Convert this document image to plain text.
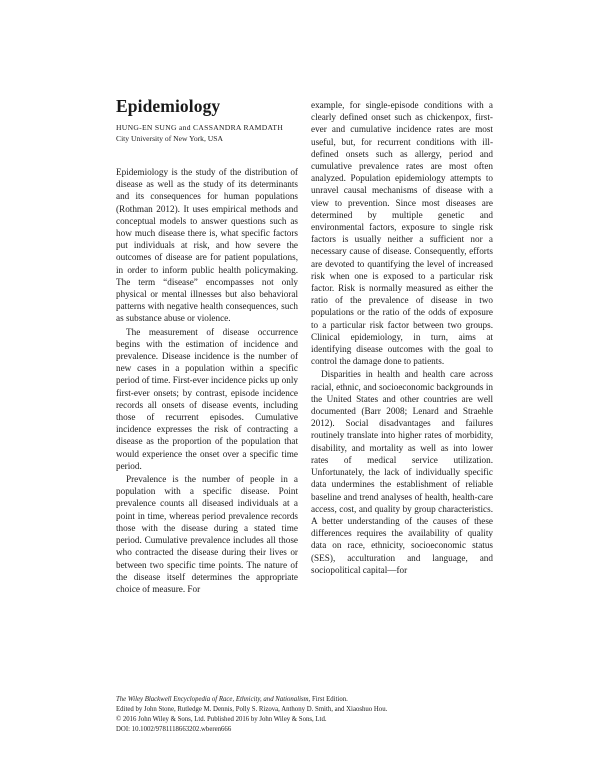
Epidemiology
HUNG-EN SUNG and CASSANDRA RAMDATH
City University of New York, USA

Epidemiology is the study of the distribution of disease as well as the study of its determinants and its consequences for human populations (Rothman 2012). It uses empirical methods and conceptual models to answer questions such as how much disease there is, what specific factors put individuals at risk, and how severe the outcomes of disease are for patient populations, in order to inform public health policymaking. The term “disease” encompasses not only physical or mental illnesses but also behavioral patterns with negative health consequences, such as substance abuse or violence.

The measurement of disease occurrence begins with the estimation of incidence and prevalence. Disease incidence is the number of new cases in a population within a specific period of time. First-ever incidence picks up only first-ever onsets; by contrast, episode incidence records all onsets of disease events, including those of recurrent episodes. Cumulative incidence expresses the risk of contracting a disease as the proportion of the population that would experience the onset over a specific time period.

Prevalence is the number of people in a population with a specific disease. Point prevalence counts all diseased individuals at a point in time, whereas period prevalence records those with the disease during a stated time period. Cumulative prevalence includes all those who contracted the disease during their lives or between two specific time points. The nature of the disease itself determines the appropriate choice of measure. For

example, for single-episode conditions with a clearly defined onset such as chickenpox, first-ever and cumulative incidence rates are most useful, but, for recurrent conditions with ill-defined onsets such as allergy, period and cumulative prevalence rates are most often analyzed. Population epidemiology attempts to unravel causal mechanisms of disease with a view to prevention. Since most diseases are determined by multiple genetic and environmental factors, exposure to single risk factors is usually neither a sufficient nor a necessary cause of disease. Consequently, efforts are devoted to quantifying the level of increased risk when one is exposed to a particular risk factor. Risk is normally measured as either the ratio of the prevalence of disease in two populations or the ratio of the odds of exposure to a particular risk factor between two groups. Clinical epidemiology, in turn, aims at identifying disease outcomes with the goal to control the damage done to patients.

Disparities in health and health care across racial, ethnic, and socioeconomic backgrounds in the United States and other countries are well documented (Barr 2008; Lenard and Straehle 2012). Social disadvantages and failures routinely translate into higher rates of morbidity, disability, and mortality as well as into lower rates of medical service utilization. Unfortunately, the lack of individually specific data undermines the establishment of reliable baseline and trend analyses of health, health-care access, cost, and quality by group characteristics. A better understanding of the causes of these differences requires the availability of quality data on race, ethnicity, socioeconomic status (SES), acculturation and language, and sociopolitical capital—for

The Wiley Blackwell Encyclopedia of Race, Ethnicity, and Nationalism, First Edition.
Edited by John Stone, Rutledge M. Dennis, Polly S. Rizova, Anthony D. Smith, and Xiaoshuo Hou.
© 2016 John Wiley & Sons, Ltd. Published 2016 by John Wiley & Sons, Ltd.
DOI: 10.1002/9781118663202.wberen666
